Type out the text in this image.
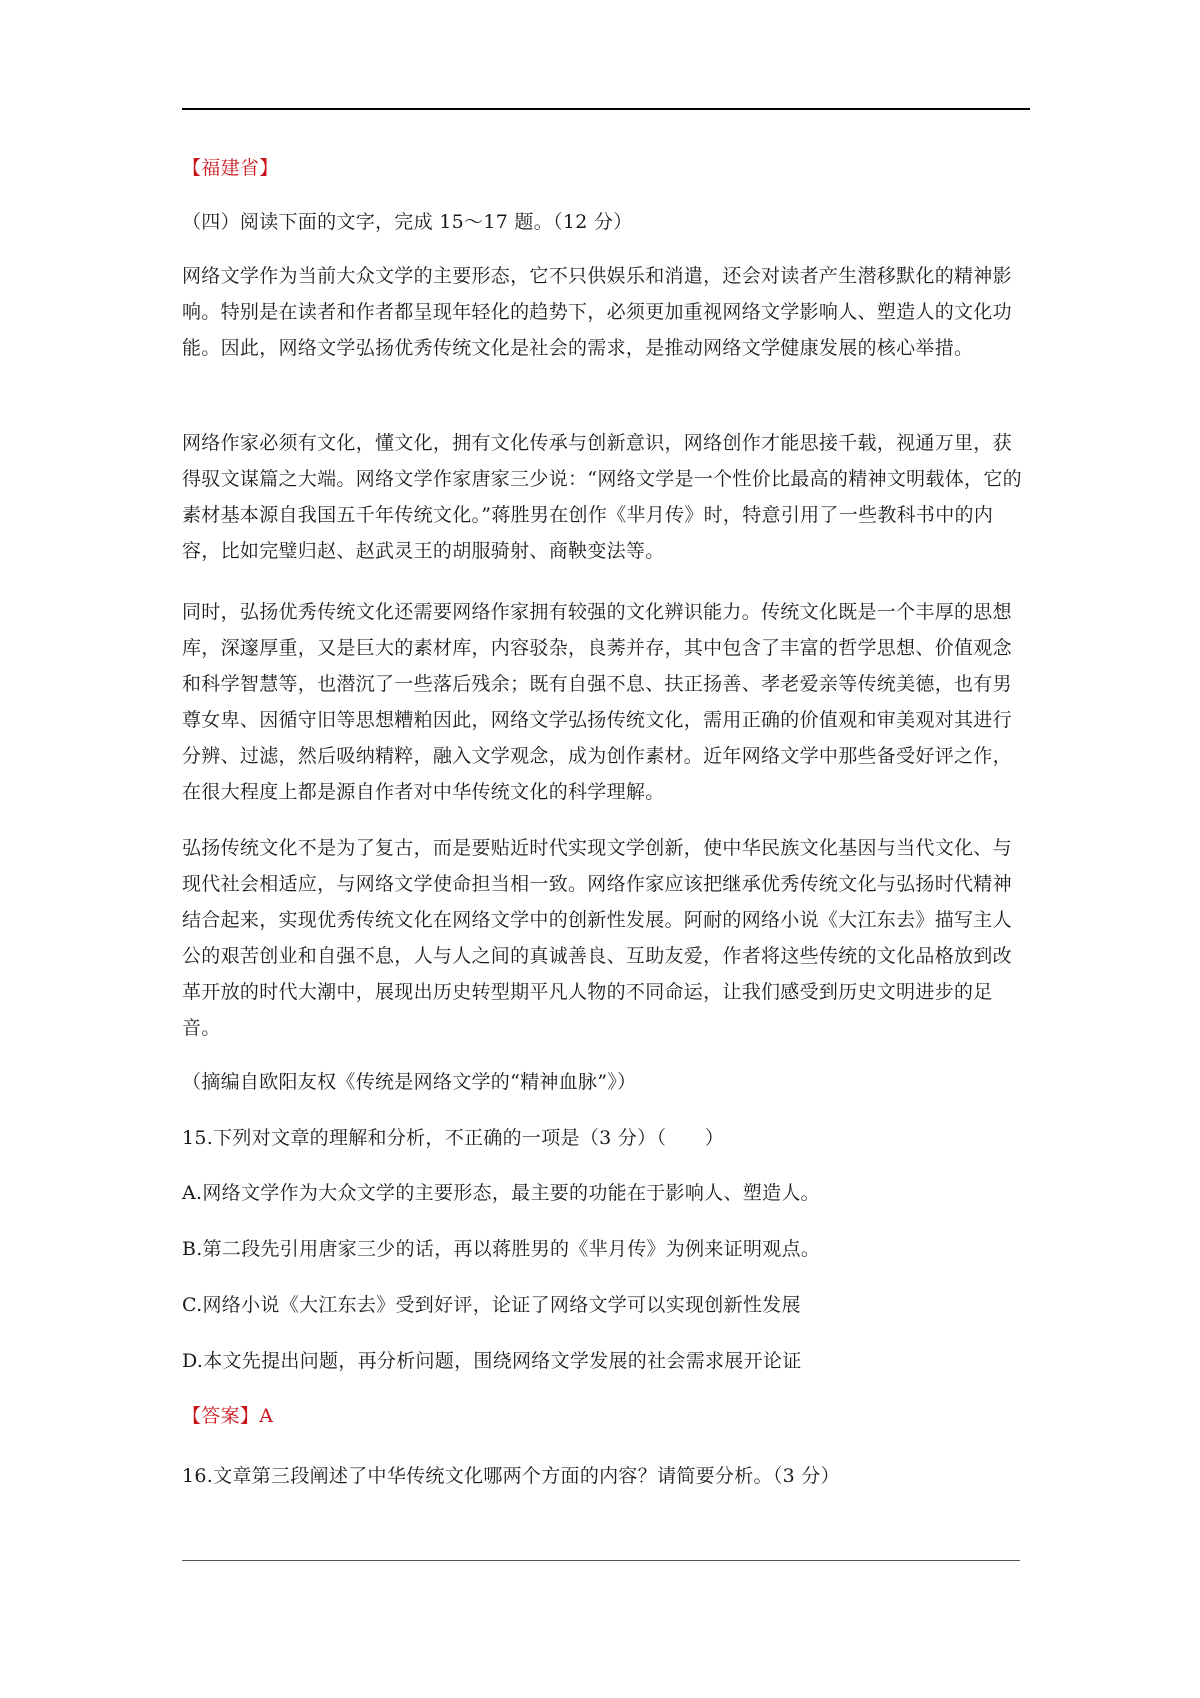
【福建省】

（四）阅读下面的文字，完成 15～17 题。（12 分）

网络文学作为当前大众文学的主要形态，它不只供娱乐和消遣，还会对读者产生潜移默化的精神影响。特别是在读者和作者都呈现年轻化的趋势下，必须更加重视网络文学影响人、塑造人的文化功能。因此，网络文学弘扬优秀传统文化是社会的需求，是推动网络文学健康发展的核心举措。

网络作家必须有文化，懂文化，拥有文化传承与创新意识，网络创作才能思接千载，视通万里，获得驭文谋篇之大端。网络文学作家唐家三少说：“网络文学是一个性价比最高的精神文明载体，它的素材基本源自我国五千年传统文化。”蒋胜男在创作《芈月传》时，特意引用了一些教科书中的内容，比如完璧归赵、赵武灵王的胡服骑射、商鞅变法等。

同时，弘扬优秀传统文化还需要网络作家拥有较强的文化辨识能力。传统文化既是一个丰厚的思想库，深邃厚重，又是巨大的素材库，内容驳杂，良莠并存，其中包含了丰富的哲学思想、价值观念和科学智慧等，也潜沉了一些落后残余；既有自强不息、扶正扬善、孝老爱亲等传统美德，也有男尊女卑、因循守旧等思想糟粕因此，网络文学弘扬传统文化，需用正确的价值观和审美观对其进行分辨、过滤，然后吸纳精粹，融入文学观念，成为创作素材。近年网络文学中那些备受好评之作，在很大程度上都是源自作者对中华传统文化的科学理解。

弘扬传统文化不是为了复古，而是要贴近时代实现文学创新，使中华民族文化基因与当代文化、与现代社会相适应，与网络文学使命担当相一致。网络作家应该把继承优秀传统文化与弘扬时代精神结合起来，实现优秀传统文化在网络文学中的创新性发展。阿耐的网络小说《大江东去》描写主人公的艰苦创业和自强不息，人与人之间的真诚善良、互助友爱，作者将这些传统的文化品格放到改革开放的时代大潮中，展现出历史转型期平凡人物的不同命运，让我们感受到历史文明进步的足音。

（摘编自欧阳友权《传统是网络文学的“精神血脉”》）

15.下列对文章的理解和分析，不正确的一项是（3 分）（　　）

A.网络文学作为大众文学的主要形态，最主要的功能在于影响人、塑造人。

B.第二段先引用唐家三少的话，再以蒋胜男的《芈月传》为例来证明观点。

C.网络小说《大江东去》受到好评，论证了网络文学可以实现创新性发展

D.本文先提出问题，再分析问题，围绕网络文学发展的社会需求展开论证

【答案】A

16.文章第三段阐述了中华传统文化哪两个方面的内容？请简要分析。（3 分）
